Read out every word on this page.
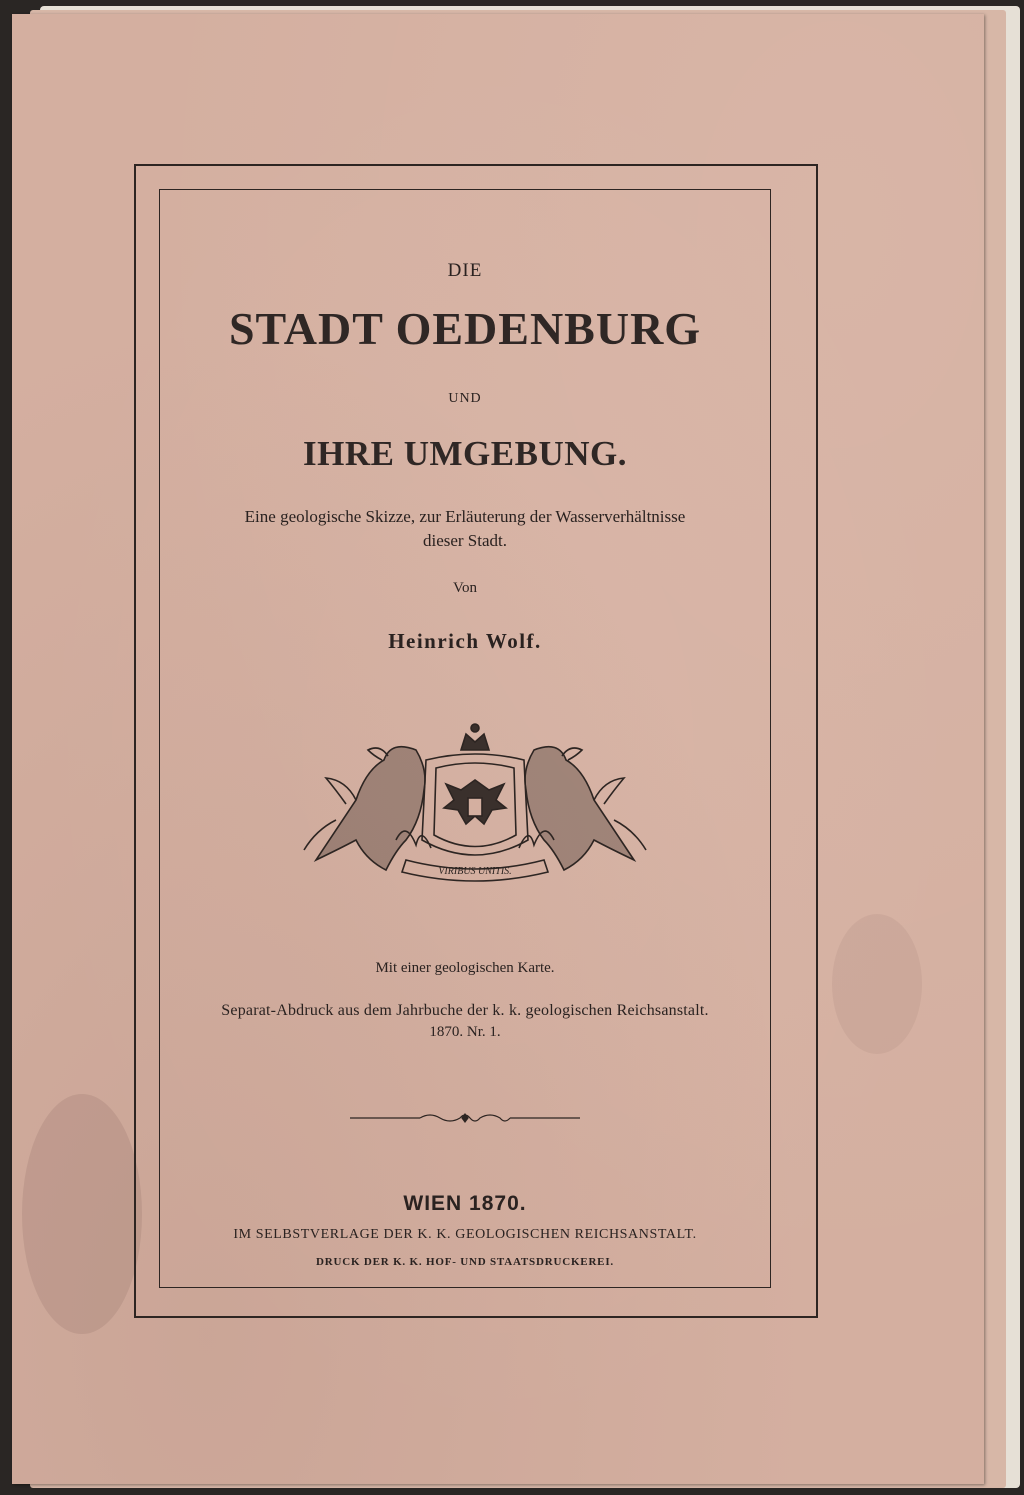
DIE
STADT OEDENBURG
UND
IHRE UMGEBUNG.
Eine geologische Skizze, zur Erläuterung der Wasserverhältnisse
dieser Stadt.
Von
Heinrich Wolf.
VIRIBUS UNITIS.
Mit einer geologischen Karte.
Separat-Abdruck aus dem Jahrbuche der k. k. geologischen Reichsanstalt.
1870. Nr. 1.
WIEN 1870.
IM SELBSTVERLAGE DER K. K. GEOLOGISCHEN REICHSANSTALT.
DRUCK DER K. K. HOF- UND STAATSDRUCKEREI.
